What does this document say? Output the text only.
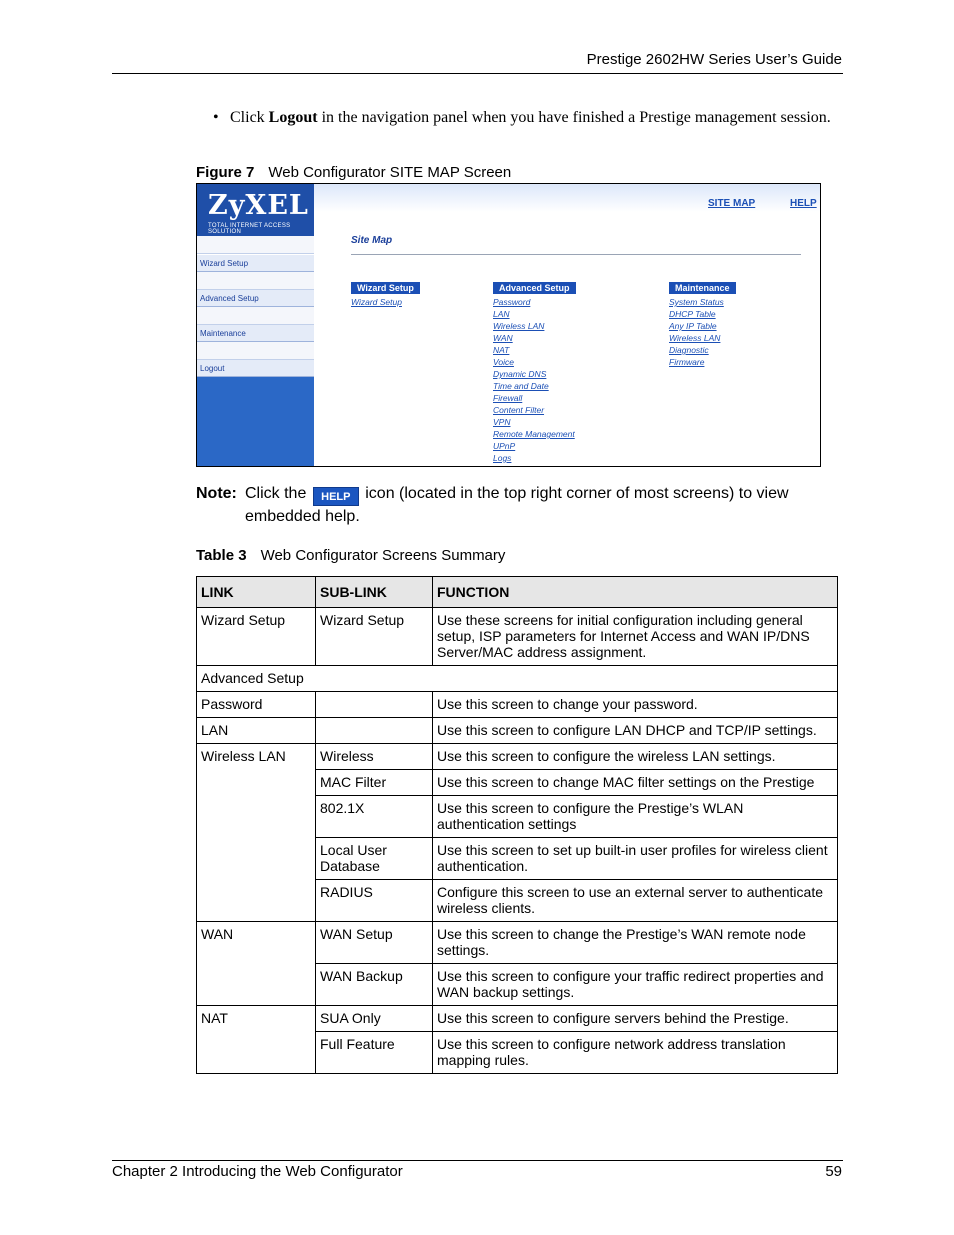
Prestige 2602HW Series User’s Guide
• Click Logout in the navigation panel when you have finished a Prestige management session.
Figure 7 Web Configurator SITE MAP Screen
ZyXEL
TOTAL INTERNET ACCESS SOLUTION
Wizard Setup
Advanced Setup
Maintenance
Logout
SITE MAP	HELP
Site Map
Wizard Setup
Wizard Setup
Advanced Setup
Password
LAN
Wireless LAN
WAN
NAT
Voice
Dynamic DNS
Time and Date
Firewall
Content Filter
VPN
Remote Management
UPnP
Logs
Maintenance
System Status
DHCP Table
Any IP Table
Wireless LAN
Diagnostic
Firmware
Note: Click the HELP icon (located in the top right corner of most screens) to view embedded help.
Table 3 Web Configurator Screens Summary
LINK	SUB-LINK	FUNCTION
Wizard Setup	Wizard Setup	Use these screens for initial configuration including general setup, ISP parameters for Internet Access and WAN IP/DNS Server/MAC address assignment.
Advanced Setup		
Password		Use this screen to change your password.
LAN		Use this screen to configure LAN DHCP and TCP/IP settings.
Wireless LAN	Wireless	Use this screen to configure the wireless LAN settings.
	MAC Filter	Use this screen to change MAC filter settings on the Prestige
	802.1X	Use this screen to configure the Prestige’s WLAN authentication settings
	Local User Database	Use this screen to set up built-in user profiles for wireless client authentication.
	RADIUS	Configure this screen to use an external server to authenticate wireless clients.
WAN	WAN Setup	Use this screen to change the Prestige’s WAN remote node settings.
	WAN Backup	Use this screen to configure your traffic redirect properties and WAN backup settings.
NAT	SUA Only	Use this screen to configure servers behind the Prestige.
	Full Feature	Use this screen to configure network address translation mapping rules.
Chapter 2 Introducing the Web Configurator	59
